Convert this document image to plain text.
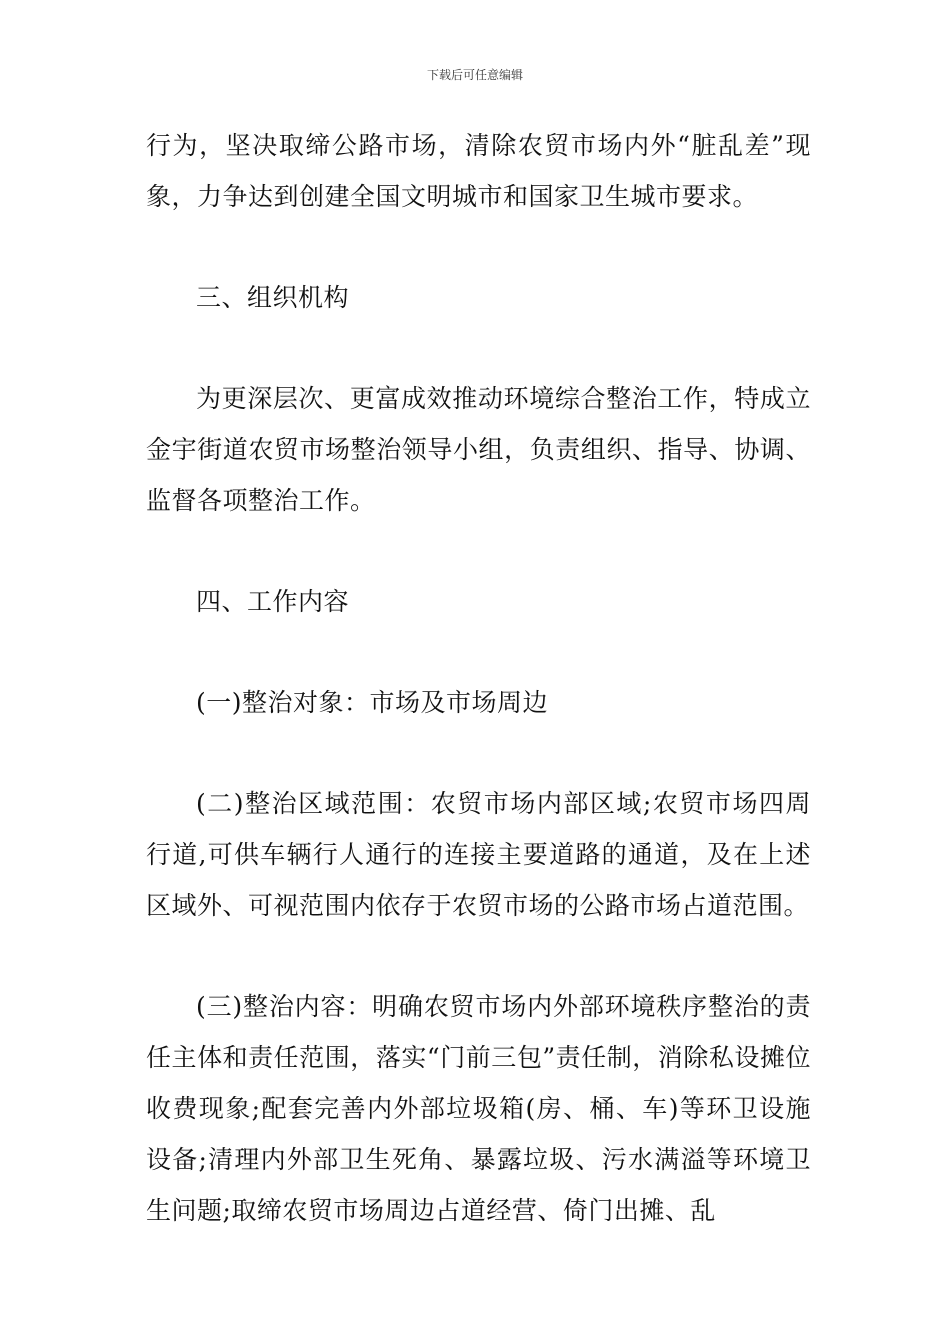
下载后可任意编辑

行为，坚决取缔公路市场，清除农贸市场内外“脏乱差”现象，力争达到创建全国文明城市和国家卫生城市要求。

三、组织机构

为更深层次、更富成效推动环境综合整治工作，特成立金宇街道农贸市场整治领导小组，负责组织、指导、协调、监督各项整治工作。

四、工作内容

(一)整治对象：市场及市场周边

(二)整治区域范围：农贸市场内部区域;农贸市场四周行道,可供车辆行人通行的连接主要道路的通道，及在上述区域外、可视范围内依存于农贸市场的公路市场占道范围。

(三)整治内容：明确农贸市场内外部环境秩序整治的责任主体和责任范围，落实“门前三包”责任制，消除私设摊位收费现象;配套完善内外部垃圾箱(房、桶、车)等环卫设施设备;清理内外部卫生死角、暴露垃圾、污水满溢等环境卫生问题;取缔农贸市场周边占道经营、倚门出摊、乱
